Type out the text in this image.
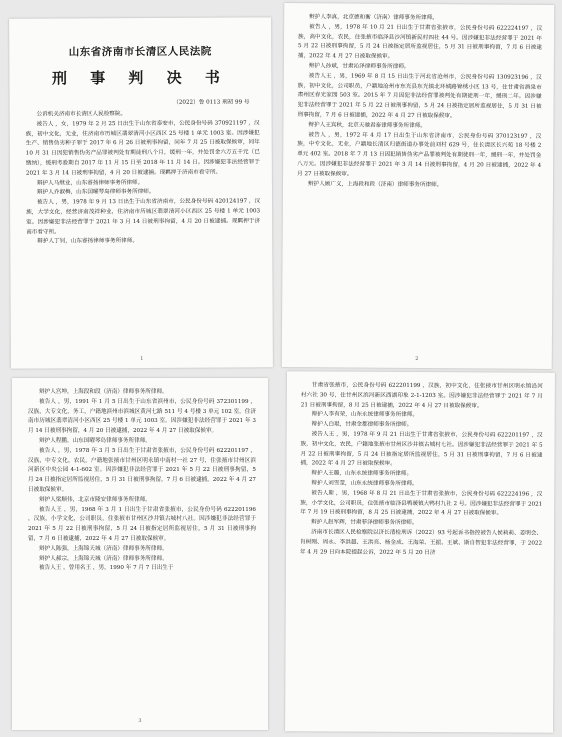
山东省济南市长清区人民法院
刑 事 判 决 书
（2022）鲁 0113 刑初 99 号

公诉机关济南市长清区人民检察院。

被告人 ，女，1979 年 2 月 25 日出生于山东省泰安市，公民身份号码 370921197 ，汉族，初中文化，无业，住济南市历城区翡翠清河小区西区 25 号楼 1 单元 1003 室。因涉嫌犯生产、销售伪劣种子罪于 2017 年 6 月 26 日被刑事拘留，同年 7 月 25 日被取保候审，同年 10 月 31 日因犯销售伪劣产品罪被判处有期徒刑八个月，缓刑一年，并处罚金六万五千元（已缴纳），缓刑考验期自 2017 年 11 月 15 日至 2018 年 11 月 14 日。因涉嫌犯非法经营罪于 2021 年 3 月 14 日被刑事拘留，4 月 20 日被逮捕。现羁押于济南市看守所。

辩护人马继业，山东睿扬律师事务所律师。

辩护人乔淑梅，山东国曜琴岛律师事务所律师。

被告人 ，男，1978 年 9 月 13 日出生于山东省济南市，公民身份号码 420124197 ，汉族，大学文化，经营济南茂祥种业，住济南市历城区翡翠清河小区西区 25 号楼 1 单元 1003 室。因涉嫌犯非法经营罪于 2021 年 3 月 14 日被刑事拘留，4 月 20 日被逮捕。现羁押于济南市看守所。

辩护人丁钊，山东睿扬律师事务所律师。

1

辩护人李真，北京德和衡（济南）律师事务所律师。

被告人 ，男，1978 年 10 月 21 日出生于甘肃省张掖市，公民身份号码 622224197 ，汉族，高中文化，农民，住张掖市临泽县沙河镇新民村四社 44 号。因涉嫌犯非法经营罪于 2021 年 5 月 22 日被刑事拘留，5 月 24 日被指定居所监视居住，5 月 31 日被刑事拘留，7 月 6 日被逮捕，2022 年 4 月 27 日被取保候审。

辩护人孙斌，甘肃沁泽律师事务所律师。

被告人王 ，男，1969 年 8 月 15 日出生于河北省沧州市，公民身份号码 130923196 ，汉族，初中文化，公司职员，户籍地沧州市东光县东光镇北环城路锦绣小区 13 号，住甘肃省酒泉市肃州区春光家园 503 室。2015 年 7 月因犯非法经营罪被判处有期徒刑一年，缓刑二年。因涉嫌犯非法经营罪于 2021 年 5 月 22 日被刑事拘留，5 月 24 日被指定居所监视居住，5 月 31 日被刑事拘留，7 月 6 日被逮捕，2022 年 4 月 27 日被取保候审。

辩护人王宾秋，北京天驰君泰律师事务所律师。

被告人 ，男，1972 年 4 月 17 日出生于山东省济南市，公民身份号码 370123197 ，汉族，中专文化，无业，户籍地长清区归德街道办事处前刘村 629 号，住长清区长兴苑 18 号楼 2 单元 402 室。2018 年 7 月 13 日因犯销售伪劣产品罪被判处有期徒刑一年，缓刑一年，并处罚金八万元。因涉嫌犯非法经营罪于 2021 年 3 月 14 日被刑事拘留，4 月 20 日被逮捕，2022 年 4 月 27 日被取保候审。

辩护人顾广义，上海段和段（济南）律师事务所律师。

2

辩护人宫坤，上海段和段（济南）律师事务所律师。

被告人 ，男，1991 年 1 月 5 日出生于山东省滨州市，公民身份号码 372301199 ，汉族，大专文化，务工，户籍地滨州市滨城区黄河七路 511 号 4 号楼 3 单元 102 室，住济南市历城区翡翠清河小区西区 25 号楼 1 单元 1003 室。因涉嫌犯非法经营罪于 2021 年 3 月 14 日被刑事拘留，4 月 20 日被逮捕，2022 年 4 月 27 日被取保候审。

辩护人程鹏，山东国曜琴岛律师事务所律师。

被告人 ，男，1978 年 3 月 5 日出生于甘肃省张掖市，公民身份号码 622201197 ，汉族，中专文化，农民，户籍地张掖市甘州区明永镇中南村一社 27 号，住张掖市甘州区滨河新区中央公园 4-1-602 室。因涉嫌犯非法经营罪于 2021 年 5 月 22 日被刑事拘留，5 月 24 日被指定居所监视居住，5 月 31 日被刑事拘留，7 月 6 日被逮捕，2022 年 4 月 27 日被取保候审。

辩护人梁顺伟，北京市隆安律师事务所律师。

被告人王 ，男，1968 年 3 月 1 日出生于甘肃省张掖市，公民身份号码 622201196 ，汉族，小学文化，公司职员，住张掖市甘州区沙井镇古城村八社。因涉嫌犯非法经营罪于 2021 年 5 月 22 日被刑事拘留，5 月 24 日被指定居所监视居住，5 月 31 日被刑事拘留，7 月 6 日被逮捕，2022 年 4 月 27 日被取保候审。

辩护人陈强，上海锦天城（济南）律师事务所律师。

辩护人郝宗，上海锦天城（济南）律师事务所律师。

被告人王 ，曾用名王 ，男，1990 年 7 月 7 日出生于

3

甘肃省张掖市，公民身份号码 622201199 ，汉族，初中文化，住张掖市甘州区明永镇沿河村六社 30 号，住甘州区滨河新区西湖印象 2-1-1203 室。因涉嫌犯非法经营罪于 2021 年 7 月 21 日被刑事拘留，8 月 25 日被逮捕，2022 年 4 月 27 日被取保候审。

辩护人李有荣，山东永统律师事务所律师。

辩护人白琨，甘肃金都律师事务所律师。

被告人王 ，男，1978 年 9 月 21 日出生于甘肃省张掖市，公民身份号码 622201197 ，汉族，初中文化，农民，户籍地张掖市甘州区沙井镇古城村七社。因涉嫌犯非法经营罪于 2021 年 5 月 22 日被刑事拘留，5 月 24 日被指定居所监视居住，5 月 31 日被刑事拘留，7 月 6 日被逮捕，2022 年 4 月 27 日被取保候审。

辩护人王璐，山东永统律师事务所律师。

辩护人刘雪莹，山东永统律师事务所律师。

被告人斯 ，男，1968 年 8 月 21 日出生于甘肃省张掖市，公民身份号码 622224196 ，汉族，小学文化，公司职员，住张掖市临泽县鸭暖镇大鸭村九社 2 号。因涉嫌犯非法经营罪于 2021 年 7 月 19 日被刑事拘留，8 月 25 日被逮捕，2022 年 4 月 27 日被取保候审。

辩护人赵军辉，甘肃菲泽律师事务所律师。

济南市长清区人民检察院以济长清检刑诉（2022）93 号起诉书指控被告人侯莉莉、姜明会、肖树刚、周永、李洪超、王洪亮、杨金成、王海荣、王振、王斌、斯自智犯非法经营罪，于 2022 年 4 月 29 日向本院提起公诉，2022 年 5 月 20 日济
